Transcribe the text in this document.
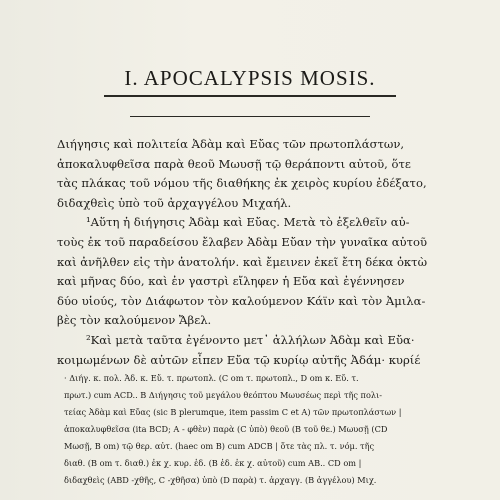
I. APOCALYPSIS MOSIS.
Διήγησις καὶ πολιτεία Ἀδὰμ καὶ Εὔας τῶν πρωτοπλάστων,
ἀποκαλυφθεῖσα παρὰ θεοῦ Μωυσῇ τῷ θεράποντι αὐτοῦ, ὅτε
τὰς πλάκας τοῦ νόμου τῆς διαθήκης ἐκ χειρὸς κυρίου ἐδέξατο,
διδαχθεὶς ὑπὸ τοῦ ἀρχαγγέλου Μιχαήλ.
¹Αὕτη ἡ διήγησις Ἀδὰμ καὶ Εὔας. Μετὰ τὸ ἐξελθεῖν αὐ-
τοὺς ἐκ τοῦ παραδείσου ἔλαβεν Ἀδὰμ Εὔαν τὴν γυναῖκα αὐτοῦ
καὶ ἀνῆλθεν εἰς τὴν ἀνατολήν. καὶ ἔμεινεν ἐκεῖ ἔτη δέκα ὀκτὼ
καὶ μῆνας δύο, καὶ ἐν γαστρὶ εἴληφεν ἡ Εὔα καὶ ἐγέννησεν
δύο υἱούς, τὸν Διάφωτον τὸν καλούμενον Κάϊν καὶ τὸν Ἀμιλα-
βὲς τὸν καλούμενον Ἄβελ.
²Καὶ μετὰ ταῦτα ἐγένοντο μετ᾽ ἀλλήλων Ἀδὰμ καὶ Εὔα·
κοιμωμένων δὲ αὐτῶν εἶπεν Εὔα τῷ κυρίῳ αὐτῆς Ἀδάμ· κυρίέ
· Διήγ. κ. πολ. Ἀδ. κ. Εὔ. τ. πρωτοπλ. (C om τ. πρωτοπλ., D om κ. Εὔ. τ.
πρωτ.) cum ACD.. Β Διήγησις τοῦ μεγάλου θεόπτου Μωυσέως περὶ τῆς πολι-
τείας Ἀδὰμ καὶ Εὔας (sic B plerumque, item passim C et A) τῶν πρωτοπλάστων |
ἀποκαλυφθεῖσα (ita BCD; A - φθὲν) παρὰ (C ὑπὸ) θεοῦ (B τοῦ θε.) Μωυσῇ (CD
Μωσῇ, B om) τῷ θερ. αὐτ. (haec om B) cum ADCB | ὅτε τὰς πλ. τ. νόμ. τῆς
διαθ. (B om τ. διαθ.) ἐκ χ. κυρ. ἐδ. (B ἐδ. ἐκ χ. αὐτοῦ) cum AB.. CD om |
διδαχθεὶς (ABD -χθῆς, C -χθῆσα) ὑπὸ (D παρὰ) τ. ἀρχαγγ. (B ἀγγέλου) Μιχ.
